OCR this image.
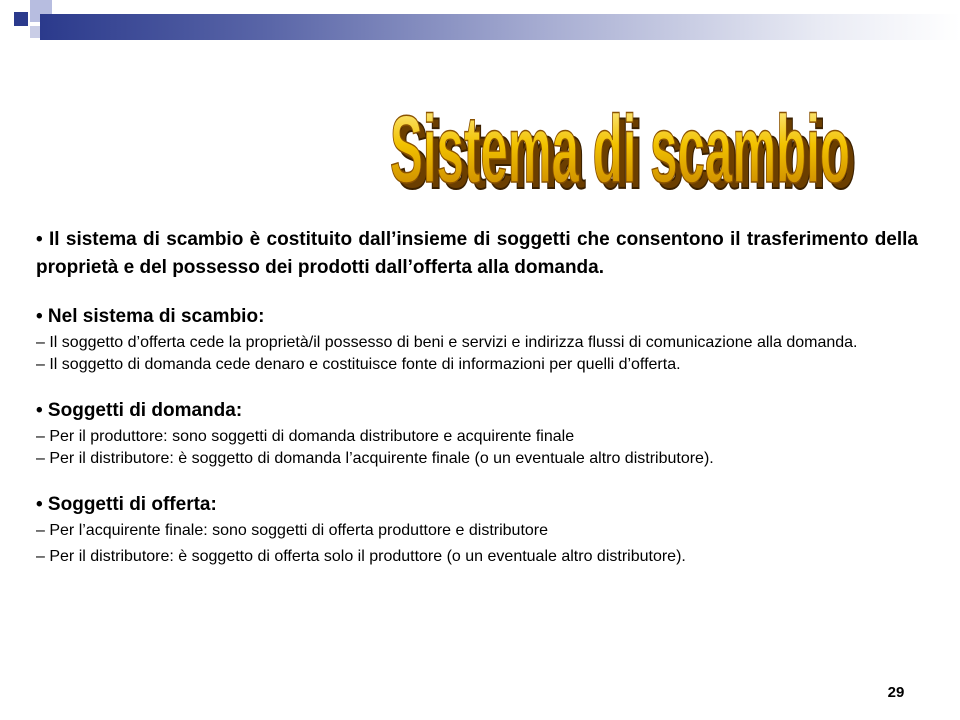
Sistema di scambio
Sistema di scambio

• Il sistema di scambio è costituito dall’insieme di soggetti che consentono il trasferimento della proprietà e del possesso dei prodotti dall’offerta alla domanda.

• Nel sistema di scambio:

– Il soggetto d’offerta cede la proprietà/il possesso di beni e servizi e indirizza flussi di comunicazione alla domanda.

– Il soggetto di domanda cede denaro e costituisce fonte di informazioni per quelli d’offerta.

• Soggetti di domanda:

– Per il produttore: sono soggetti di domanda distributore e acquirente finale

– Per il distributore: è soggetto di domanda l’acquirente finale (o un eventuale altro distributore).

• Soggetti di offerta:

– Per l’acquirente finale: sono soggetti di offerta produttore e distributore

– Per il distributore: è soggetto di offerta solo il produttore (o un eventuale altro distributore).

29
